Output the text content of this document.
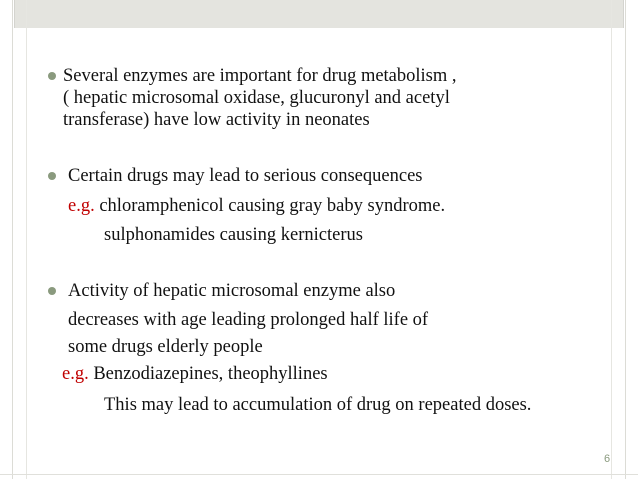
Several enzymes are important for drug metabolism ,
( hepatic microsomal oxidase, glucuronyl and acetyl
transferase) have low activity in neonates
Certain drugs may lead to serious consequences
e.g. chloramphenicol causing gray baby syndrome.
sulphonamides causing kernicterus
Activity of hepatic microsomal enzyme also
decreases with age leading prolonged half life of
some drugs elderly people
e.g. Benzodiazepines, theophyllines
This may lead to accumulation of drug on repeated doses.
6
